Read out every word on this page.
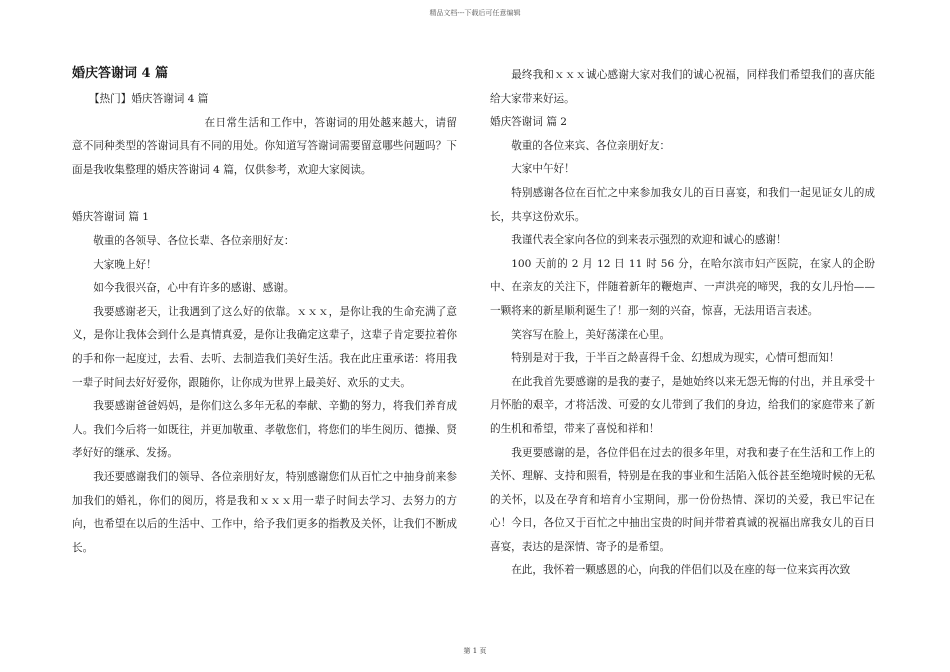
精品文档---下载后可任意编辑
婚庆答谢词 4 篇

【热门】婚庆答谢词 4 篇

在日常生活和工作中，答谢词的用处越来越大，请留意不同种类型的答谢词具有不同的用处。你知道写答谢词需要留意哪些问题吗？下面是我收集整理的婚庆答谢词 4 篇，仅供参考，欢迎大家阅读。

婚庆答谢词 篇 1

敬重的各领导、各位长辈、各位亲朋好友：

大家晚上好！

如今我很兴奋，心中有许多的感谢、感谢。

我要感谢老天，让我遇到了这么好的依靠。ｘｘｘ，是你让我的生命充满了意义，是你让我体会到什么是真情真爱，是你让我确定这辈子，这辈子肯定要拉着你的手和你一起度过，去看、去听、去制造我们美好生活。我在此庄重承诺：将用我一辈子时间去好好爱你，跟随你，让你成为世界上最美好、欢乐的丈夫。

我要感谢爸爸妈妈，是你们这么多年无私的奉献、辛勤的努力，将我们养育成人。我们今后将一如既往，并更加敬重、孝敬您们，将您们的毕生阅历、德操、贤孝好好的继承、发扬。

我还要感谢我们的领导、各位亲朋好友，特别感谢您们从百忙之中抽身前来参加我们的婚礼，你们的阅历，将是我和ｘｘｘ用一辈子时间去学习、去努力的方向，也希望在以后的生活中、工作中，给予我们更多的指教及关怀，让我们不断成长。

最终我和ｘｘｘ诚心感谢大家对我们的诚心祝福，同样我们希望我们的喜庆能给大家带来好运。

婚庆答谢词 篇 2

敬重的各位来宾、各位亲朋好友：

大家中午好！

特别感谢各位在百忙之中来参加我女儿的百日喜宴，和我们一起见证女儿的成长，共享这份欢乐。

我谨代表全家向各位的到来表示强烈的欢迎和诚心的感谢！

100 天前的 2 月 12 日 11 时 56 分，在哈尔滨市妇产医院，在家人的企盼中、在亲友的关注下，伴随着新年的鞭炮声、一声洪亮的啼哭，我的女儿丹怡——一颗将来的新星顺利诞生了！那一刻的兴奋，惊喜，无法用语言表述。

笑容写在脸上，美好荡漾在心里。

特别是对于我，于半百之龄喜得千金、幻想成为现实，心情可想而知！

在此我首先要感谢的是我的妻子，是她始终以来无怨无悔的付出，并且承受十月怀胎的艰辛，才将活泼、可爱的女儿带到了我们的身边，给我们的家庭带来了新的生机和希望，带来了喜悦和祥和！

我更要感谢的是，各位伴侣在过去的很多年里，对我和妻子在生活和工作上的关怀、理解、支持和照看，特别是在我的事业和生活陷入低谷甚至绝境时候的无私的关怀，以及在孕育和培育小宝期间，那一份份热情、深切的关爱，我已牢记在心！今日，各位又于百忙之中抽出宝贵的时间并带着真诚的祝福出席我女儿的百日喜宴，表达的是深情、寄予的是希望。

在此，我怀着一颗感恩的心，向我的伴侣们以及在座的每一位来宾再次致

第 1 页
